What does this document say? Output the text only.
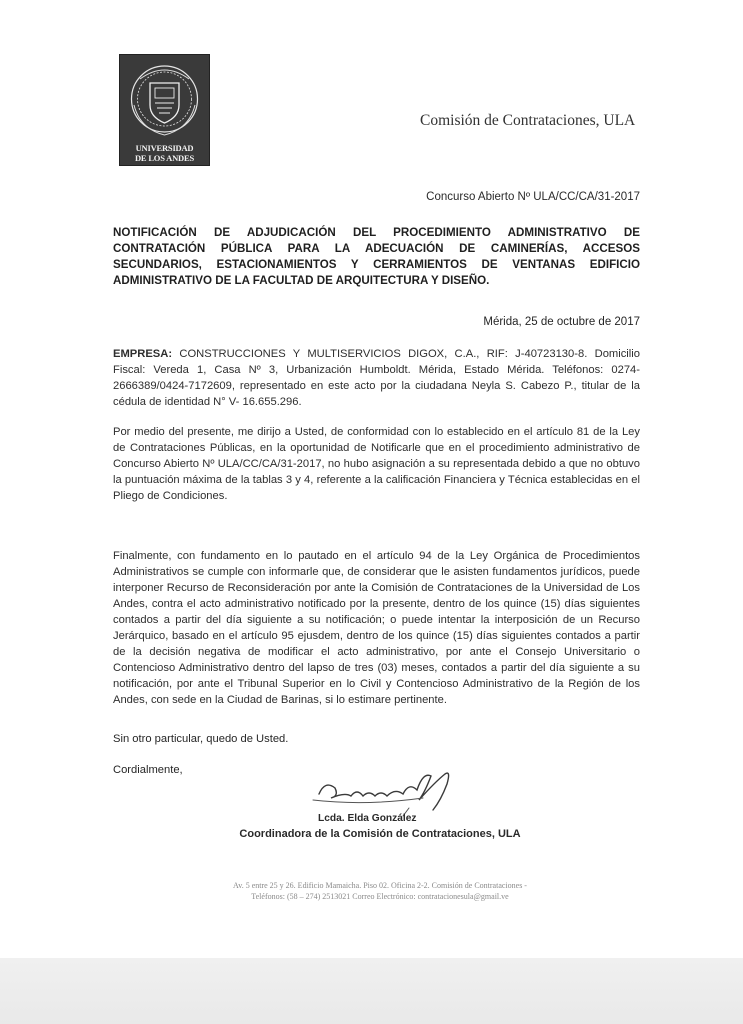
UNIVERSIDAD
DE LOS ANDES
Comisión de Contrataciones, ULA
Concurso Abierto Nº ULA/CC/CA/31-2017
NOTIFICACIÓN DE ADJUDICACIÓN DEL PROCEDIMIENTO ADMINISTRATIVO DE CONTRATACIÓN PÚBLICA PARA LA ADECUACIÓN DE CAMINERÍAS, ACCESOS SECUNDARIOS, ESTACIONAMIENTOS Y CERRAMIENTOS DE VENTANAS EDIFICIO ADMINISTRATIVO DE LA FACULTAD DE ARQUITECTURA Y DISEÑO.
Mérida, 25 de octubre de 2017
EMPRESA: CONSTRUCCIONES Y MULTISERVICIOS DIGOX, C.A., RIF: J-40723130-8. Domicilio Fiscal: Vereda 1, Casa Nº 3, Urbanización Humboldt. Mérida, Estado Mérida. Teléfonos: 0274-2666389/0424-7172609, representado en este acto por la ciudadana Neyla S. Cabezo P., titular de la cédula de identidad N° V- 16.655.296.
Por medio del presente, me dirijo a Usted, de conformidad con lo establecido en el artículo 81 de la Ley de Contrataciones Públicas, en la oportunidad de Notificarle que en el procedimiento administrativo de Concurso Abierto Nº ULA/CC/CA/31-2017, no hubo asignación a su representada debido a que no obtuvo la puntuación máxima de la tablas 3 y 4, referente a la calificación Financiera y Técnica establecidas en el Pliego de Condiciones.
Finalmente, con fundamento en lo pautado en el artículo 94 de la Ley Orgánica de Procedimientos Administrativos se cumple con informarle que, de considerar que le asisten fundamentos jurídicos, puede interponer Recurso de Reconsideración por ante la Comisión de Contrataciones de la Universidad de Los Andes, contra el acto administrativo notificado por la presente, dentro de los quince (15) días siguientes contados a partir del día siguiente a su notificación; o puede intentar la interposición de un Recurso Jerárquico, basado en el artículo 95 ejusdem, dentro de los quince (15) días siguientes contados a partir de la decisión negativa de modificar el acto administrativo, por ante el Consejo Universitario o Contencioso Administrativo dentro del lapso de tres (03) meses, contados a partir del día siguiente a su notificación, por ante el Tribunal Superior en lo Civil y Contencioso Administrativo de la Región de los Andes, con sede en la Ciudad de Barinas, si lo estimare pertinente.
Sin otro particular, quedo de Usted.
Cordialmente,
Lcda. Elda González
Coordinadora de la Comisión de Contrataciones, ULA
Av. 5 entre 25 y 26. Edificio Mamaicha. Piso 02. Oficina 2-2. Comisión de Contrataciones -
Teléfonos: (58 – 274) 2513021 Correo Electrónico: contratacionesula@gmail.ve
